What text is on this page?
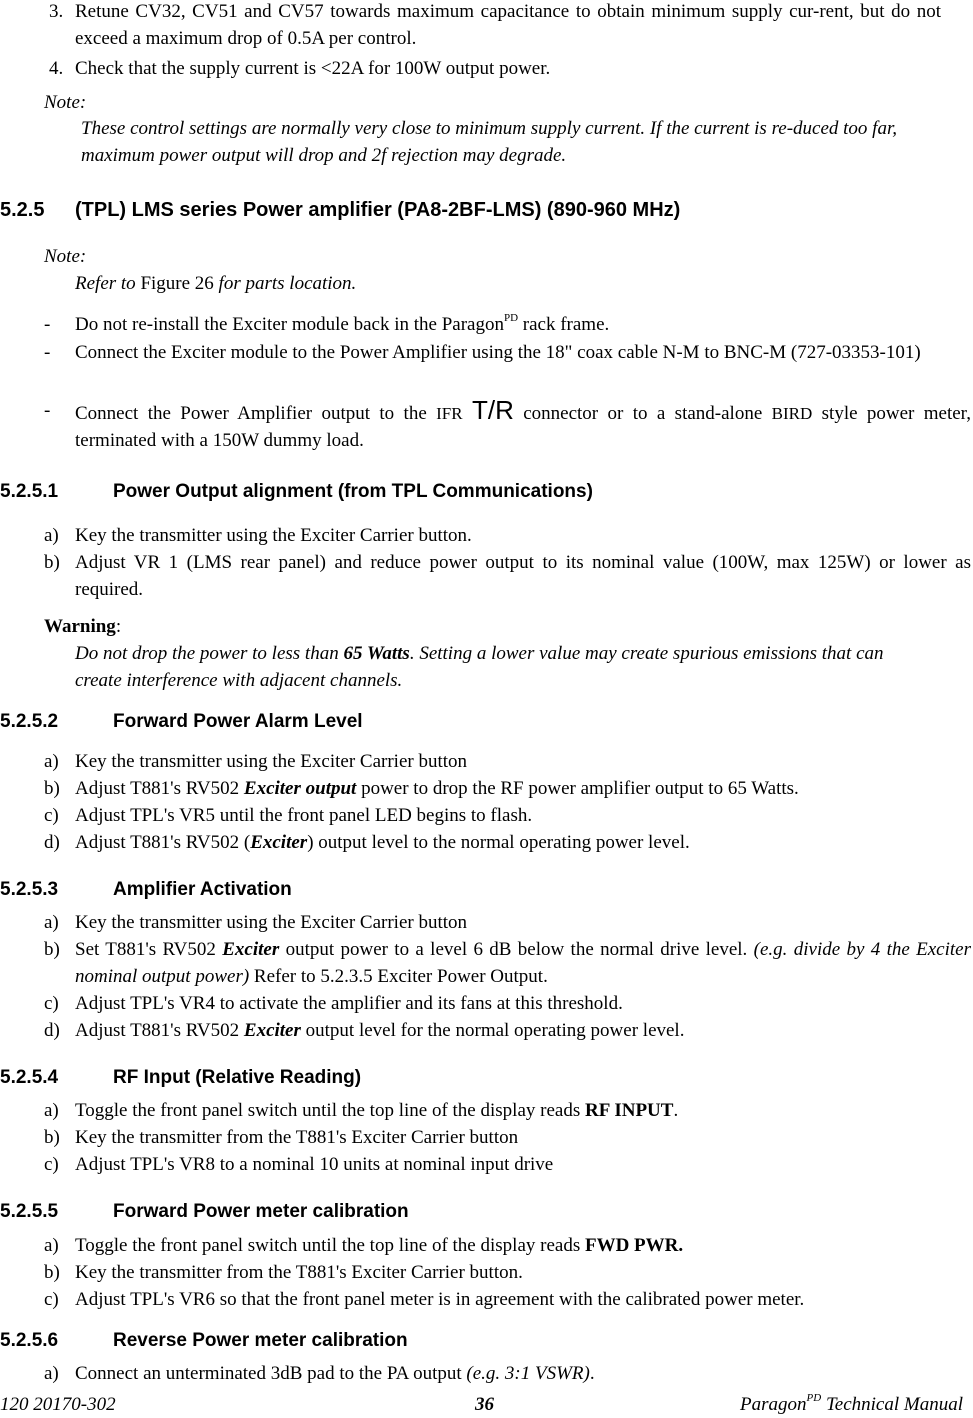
3. Retune CV32, CV51 and CV57 towards maximum capacitance to obtain minimum supply cur-rent, but do not exceed a maximum drop of 0.5A per control.
4. Check that the supply current is <22A for 100W output power.
Note:
These control settings are normally very close to minimum supply current. If the current is re-duced too far, maximum power output will drop and 2f rejection may degrade.
5.2.5 (TPL) LMS series Power amplifier (PA8-2BF-LMS) (890-960 MHz)
Note:
Refer to Figure 26 for parts location.
- Do not re-install the Exciter module back in the Paragon$^{PD}$ rack frame.
- Connect the Exciter module to the Power Amplifier using the 18" coax cable N-M to BNC-M (727-03353-101)
- Connect the Power Amplifier output to the IFR T/R connector or to a stand-alone BIRD style power meter, terminated with a 150W dummy load.
5.2.5.1	Power Output alignment (from TPL Communications)
a) Key the transmitter using the Exciter Carrier button.
b) Adjust VR 1 (LMS rear panel) and reduce power output to its nominal value (100W, max 125W) or lower as required.
Warning:
Do not drop the power to less than 65 Watts. Setting a lower value may create spurious emissions that can create interference with adjacent channels.
5.2.5.2	Forward Power Alarm Level
a) Key the transmitter using the Exciter Carrier button
b) Adjust T881's RV502 Exciter output power to drop the RF power amplifier output to 65 Watts.
c) Adjust TPL's VR5 until the front panel LED begins to flash.
d) Adjust T881's RV502 (Exciter) output level to the normal operating power level.
5.2.5.3	Amplifier Activation
a) Key the transmitter using the Exciter Carrier button
b) Set T881's RV502 Exciter output power to a level 6 dB below the normal drive level. (e.g. divide by 4 the Exciter nominal output power) Refer to 5.2.3.5 Exciter Power Output.
c) Adjust TPL's VR4 to activate the amplifier and its fans at this threshold.
d) Adjust T881's RV502 Exciter output level for the normal operating power level.
5.2.5.4	RF Input (Relative Reading)
a) Toggle the front panel switch until the top line of the display reads RF INPUT.
b) Key the transmitter from the T881's Exciter Carrier button
c) Adjust TPL's VR8 to a nominal 10 units at nominal input drive
5.2.5.5	Forward Power meter calibration
a) Toggle the front panel switch until the top line of the display reads FWD PWR.
b) Key the transmitter from the T881's Exciter Carrier button.
c) Adjust TPL's VR6 so that the front panel meter is in agreement with the calibrated power meter.
5.2.5.6	Reverse Power meter calibration
a) Connect an unterminated 3dB pad to the PA output (e.g. 3:1 VSWR).
120 20170-302	36	Paragon$^{PD}$ Technical Manual
